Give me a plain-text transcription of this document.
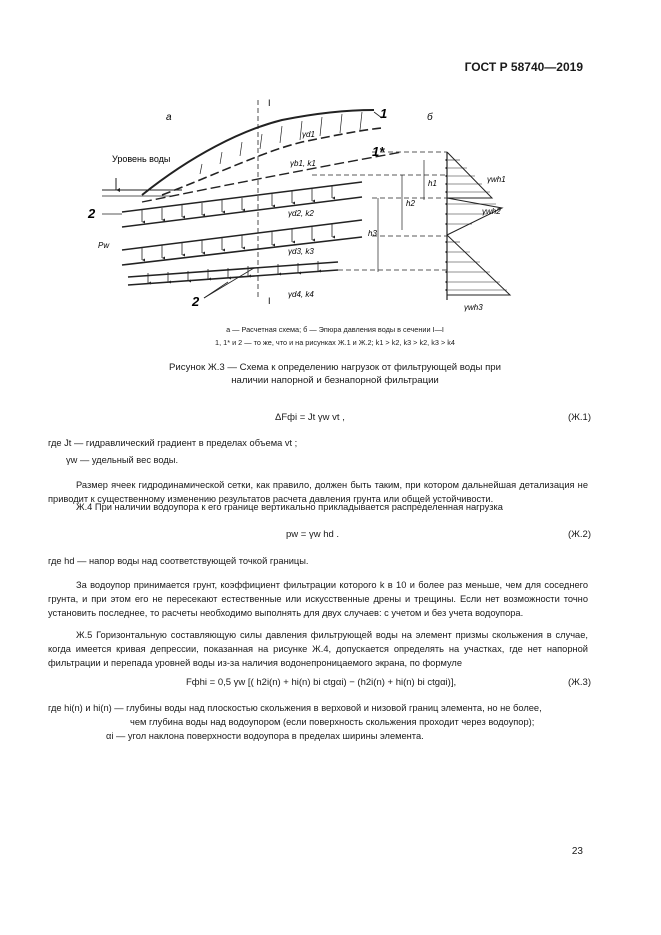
ГОСТ Р 58740—2019
а	б
I
I
Уровень воды
γd1
γb1, k1
γd2, k2
γd3, k3
γd4, k4
1
1*
2
2
Pw
h1
h2
h3
γwh1
γwh2
γwh3
а — Расчетная схема; б — Эпюра давления воды в сечении I—I
1, 1* и 2 — то же, что и на рисунках Ж.1 и Ж.2; k1 > k2, k3 > k2, k3 > k4
Рисунок Ж.3 — Схема к определению нагрузок от фильтрующей воды при
наличии напорной и безнапорной фильтрации
ΔFфi = Jt γw vt ,	(Ж.1)
где Jt — гидравлический градиент в пределах объема vt ;
γw — удельный вес воды.
Размер ячеек гидродинамической сетки, как правило, должен быть таким, при котором дальнейшая детализация не приводит к существенному изменению результатов расчета давления грунта или общей устойчивости.
Ж.4 При наличии водоупора к его границе вертикально прикладывается распределенная нагрузка
pw = γw hd .	(Ж.2)
где hd — напор воды над соответствующей точкой границы.
За водоупор принимается грунт, коэффициент фильтрации которого k в 10 и более раз меньше, чем для соседнего грунта, и при этом его не пересекают естественные или искусственные дрены и трещины. Если нет возможности точно установить последнее, то расчеты необходимо выполнять для двух случаев: с учетом и без учета водоупора.
Ж.5 Горизонтальную составляющую силы давления фильтрующей воды на элемент призмы скольжения в случае, когда имеется кривая депрессии, показанная на рисунке Ж.4, допускается определять на участках, где нет напорной фильтрации и перепада уровней воды из-за наличия водонепроницаемого экрана, по формуле
Fфhi = 0,5 γw [( h2i(n) + hi(n) bi ctgαi) − (h2i(n) + hi(n) bi ctgαi)],	(Ж.3)
где hi(n) и hi(n) — глубины воды над плоскостью скольжения в верховой и низовой границ элемента, но не более,
чем глубина воды над водоупором (если поверхность скольжения проходит через водоупор);
αi — угол наклона поверхности водоупора в пределах ширины элемента.
23
